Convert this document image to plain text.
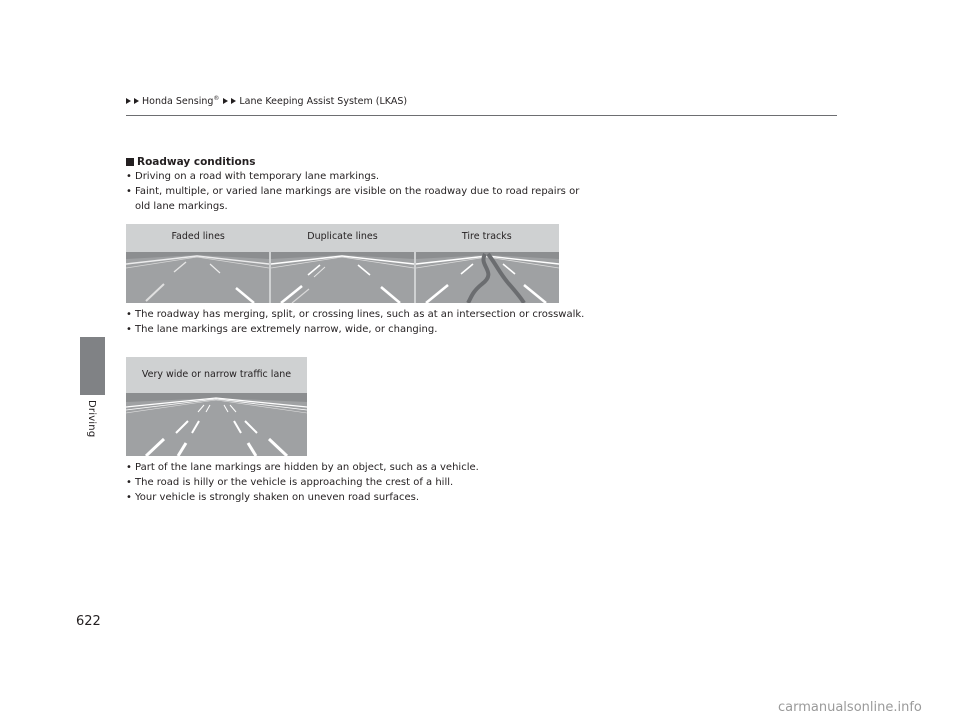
Honda Sensing® Lane Keeping Assist System (LKAS)
Driving
Roadway conditions
• Driving on a road with temporary lane markings.
• Faint, multiple, or varied lane markings are visible on the roadway due to road repairs or old lane markings.
Faded lines	Duplicate lines	Tire tracks
• The roadway has merging, split, or crossing lines, such as at an intersection or crosswalk.
• The lane markings are extremely narrow, wide, or changing.
Very wide or narrow traffic lane
• Part of the lane markings are hidden by an object, such as a vehicle.
• The road is hilly or the vehicle is approaching the crest of a hill.
• Your vehicle is strongly shaken on uneven road surfaces.
622
carmanualsonline.info
